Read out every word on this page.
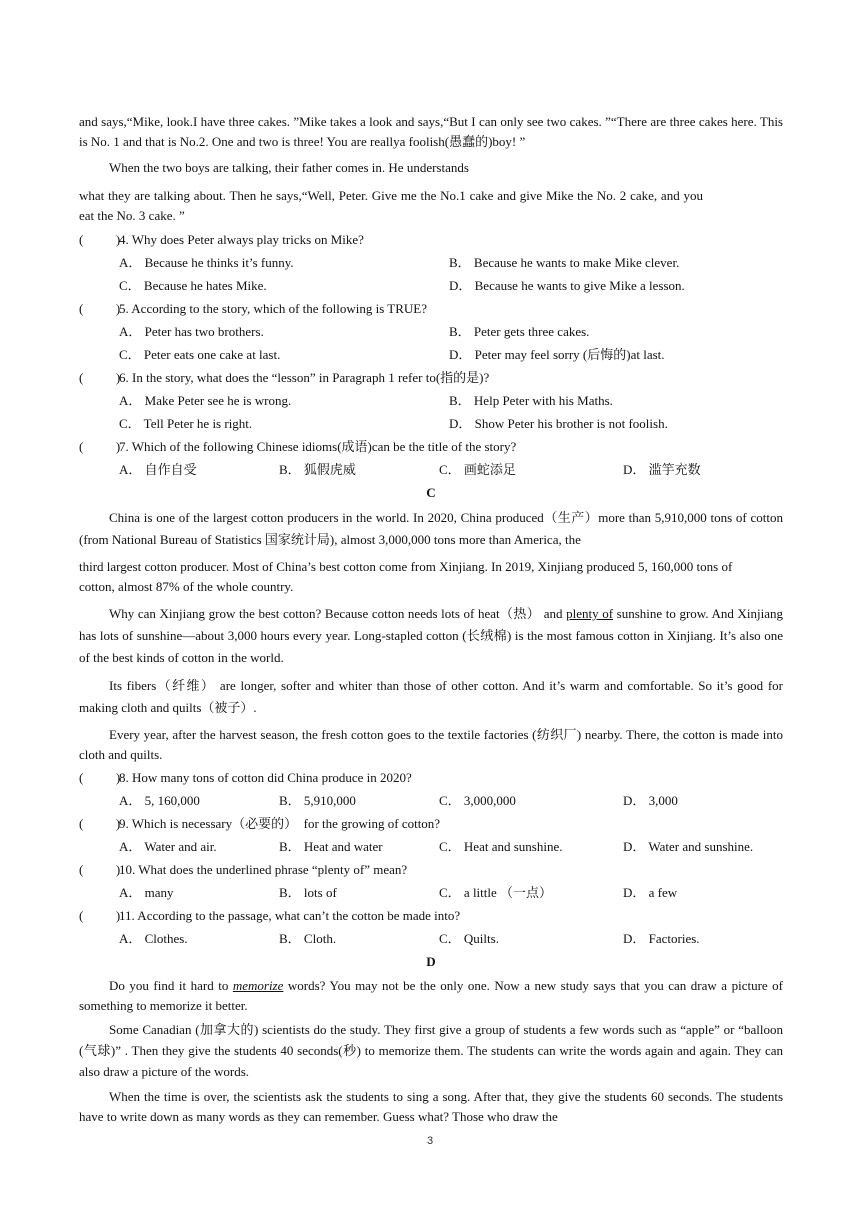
and says,“Mike, look.I have three cakes. ”Mike takes a look and says,“But I can only see two cakes. ”“There are three cakes here. This is No. 1 and that is No.2. One and two is three! You are reallya foolish(愚蠢的)boy! ”

When the two boys are talking, their father comes in. He understands

what they are talking about. Then he says,“Well, Peter. Give me the No.1 cake and give Mike the No. 2 cake, and you eat the No. 3 cake. ”

(          )
4. Why does Peter always play tricks on Mike?
A． Because he thinks it’s funny.	B． Because he wants to make Mike clever.
C． Because he hates Mike.	D． Because he wants to give Mike a lesson.
(          )
5. According to the story, which of the following is TRUE?
A． Peter has two brothers.	B． Peter gets three cakes.
C． Peter eats one cake at last.	D． Peter may feel sorry (后悔的)at last.
(          )
6. In the story, what does the “lesson” in Paragraph 1 refer to(指的是)?
A． Make Peter see he is wrong.	B． Help Peter with his Maths.
C． Tell Peter he is right.	D． Show Peter his brother is not foolish.
(          )
7. Which of the following Chinese idioms(成语)can be the title of the story?
A． 自作自受	B． 狐假虎威	C． 画蛇添足	D． 滥竽充数

C

China is one of the largest cotton producers in the world. In 2020, China produced（生产）more than 5,910,000 tons of cotton (from National Bureau of Statistics 国家统计局), almost 3,000,000 tons more than America, the

third largest cotton producer. Most of China’s best cotton come from Xinjiang. In 2019, Xinjiang produced 5, 160,000 tons of cotton, almost 87% of the whole country.

Why can Xinjiang grow the best cotton? Because cotton needs lots of heat（热） and plenty of sunshine to grow. And Xinjiang has lots of sunshine—about 3,000 hours every year. Long-stapled cotton (长绒棉) is the most famous cotton in Xinjiang. It’s also one of the best kinds of cotton in the world.

Its fibers（纤维） are longer, softer and whiter than those of other cotton. And it’s warm and comfortable. So it’s good for making cloth and quilts（被子）.

Every year, after the harvest season, the fresh cotton goes to the textile factories (纺织厂) nearby. There, the cotton is made into cloth and quilts.

(          )
8. How many tons of cotton did China produce in 2020?
A． 5, 160,000	B． 5,910,000	C． 3,000,000	D． 3,000
(          )
9. Which is necessary（必要的）  for the growing of cotton?
A． Water and air.	B． Heat and water	C． Heat and sunshine.	D． Water and sunshine.
(          )
10. What does the underlined phrase “plenty of” mean?
A． many	B． lots of	C． a little （一点）	D． a few
(          )
11. According to the passage, what can’t the cotton be made into?
A． Clothes.	B． Cloth.	C． Quilts.	D． Factories.

D

Do you find it hard to memorize words? You may not be the only one. Now a new study says that you can draw a picture of something to memorize it better.

Some Canadian (加拿大的) scientists do the study. They first give a group of students a few words such as “apple” or “balloon (气球)” . Then they give the students 40 seconds(秒) to memorize them. The students can write the words again and again. They can also draw a picture of the words.

When the time is over, the scientists ask the students to sing a song. After that, they give the students 60 seconds. The students have to write down as many words as they can remember. Guess what? Those who draw the

3
